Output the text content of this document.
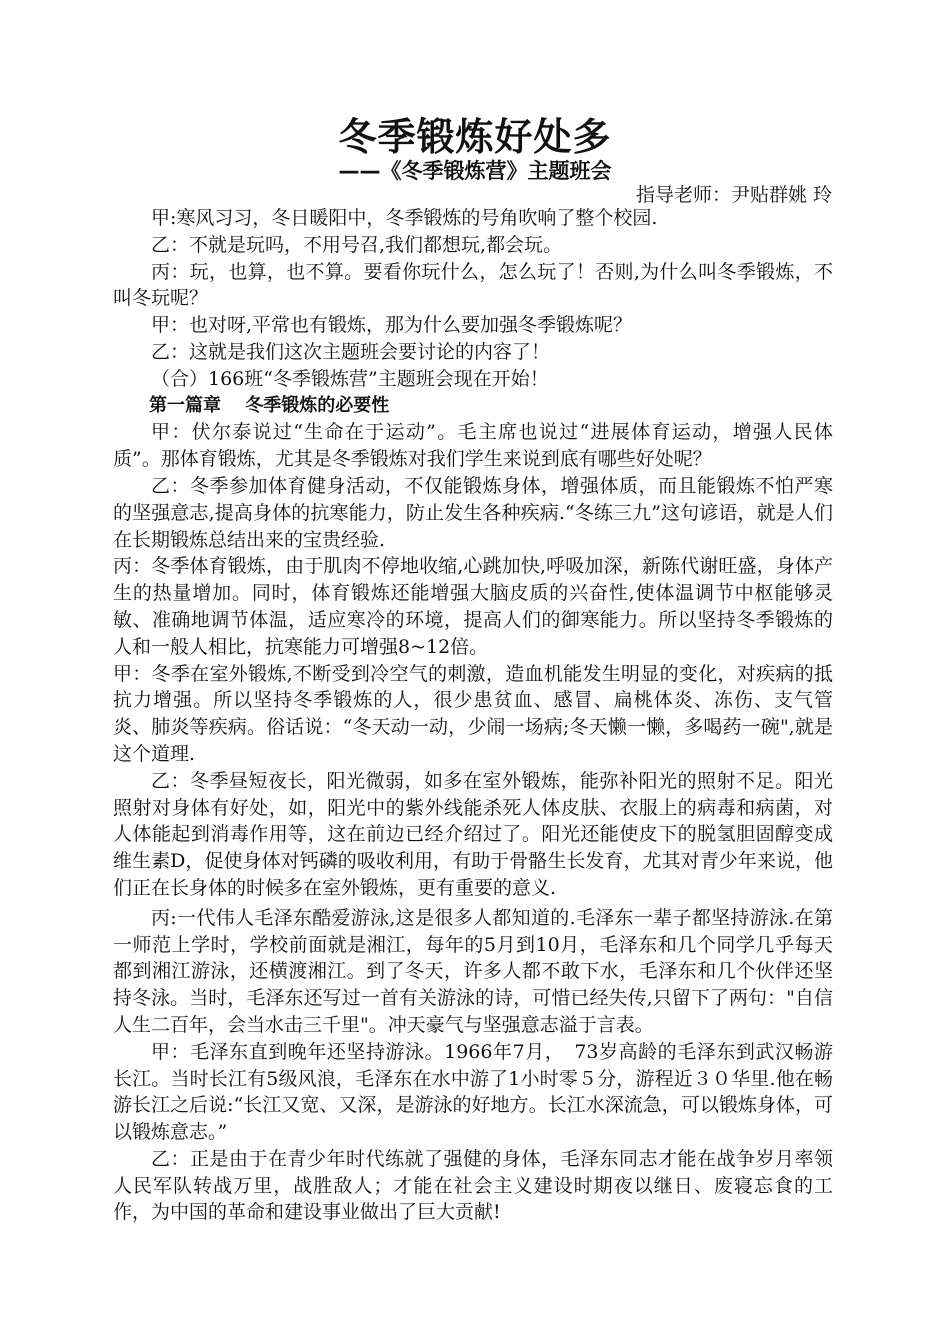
冬季锻炼好处多
——《冬季锻炼营》主题班会
指导老师：尹贴群姚 玲

甲:寒风习习，冬日暖阳中，冬季锻炼的号角吹响了整个校园.

乙：不就是玩吗，不用号召,我们都想玩,都会玩。

丙：玩，也算，也不算。要看你玩什么，怎么玩了！否则,为什么叫冬季锻炼，不叫冬玩呢？

甲：也对呀,平常也有锻炼，那为什么要加强冬季锻炼呢？

乙：这就是我们这次主题班会要讨论的内容了！

（合）166班“冬季锻炼营”主题班会现在开始！

第一篇章　 冬季锻炼的必要性

甲：伏尔泰说过“生命在于运动”。毛主席也说过“进展体育运动，增强人民体质”。那体育锻炼，尤其是冬季锻炼对我们学生来说到底有哪些好处呢？

乙：冬季参加体育健身活动，不仅能锻炼身体，增强体质，而且能锻炼不怕严寒的坚强意志,提高身体的抗寒能力，防止发生各种疾病.“冬练三九”这句谚语，就是人们在长期锻炼总结出来的宝贵经验.

丙：冬季体育锻炼，由于肌肉不停地收缩,心跳加快,呼吸加深，新陈代谢旺盛，身体产生的热量增加。同时，体育锻炼还能增强大脑皮质的兴奋性,使体温调节中枢能够灵敏、准确地调节体温，适应寒冷的环境，提高人们的御寒能力。所以坚持冬季锻炼的人和一般人相比，抗寒能力可增强8~12倍。

甲：冬季在室外锻炼,不断受到冷空气的刺激，造血机能发生明显的变化，对疾病的抵抗力增强。所以坚持冬季锻炼的人，很少患贫血、感冒、扁桃体炎、冻伤、支气管炎、肺炎等疾病。俗话说：“冬天动一动，少闹一场病;冬天懒一懒，多喝药一碗",就是这个道理.

乙：冬季昼短夜长，阳光微弱，如多在室外锻炼，能弥补阳光的照射不足。阳光照射对身体有好处，如，阳光中的紫外线能杀死人体皮肤、衣服上的病毒和病菌，对人体能起到消毒作用等，这在前边已经介绍过了。阳光还能使皮下的脱氢胆固醇变成维生素D，促使身体对钙磷的吸收利用，有助于骨骼生长发育，尤其对青少年来说，他们正在长身体的时候多在室外锻炼，更有重要的意义.

丙:一代伟人毛泽东酷爱游泳,这是很多人都知道的.毛泽东一辈子都坚持游泳.在第一师范上学时，学校前面就是湘江，每年的5月到10月，毛泽东和几个同学几乎每天都到湘江游泳，还横渡湘江。到了冬天，许多人都不敢下水，毛泽东和几个伙伴还坚持冬泳。当时，毛泽东还写过一首有关游泳的诗，可惜已经失传,只留下了两句："自信人生二百年，会当水击三千里"。冲天豪气与坚强意志溢于言表。

甲：毛泽东直到晚年还坚持游泳。1966年7月，　73岁高龄的毛泽东到武汉畅游长江。当时长江有5级风浪，毛泽东在水中游了1小时零５分，游程近３０华里.他在畅游长江之后说:“长江又宽、又深，是游泳的好地方。长江水深流急，可以锻炼身体，可以锻炼意志。”

乙：正是由于在青少年时代练就了强健的身体，毛泽东同志才能在战争岁月率领人民军队转战万里，战胜敌人；才能在社会主义建设时期夜以继日、废寝忘食的工作，为中国的革命和建设事业做出了巨大贡献!
